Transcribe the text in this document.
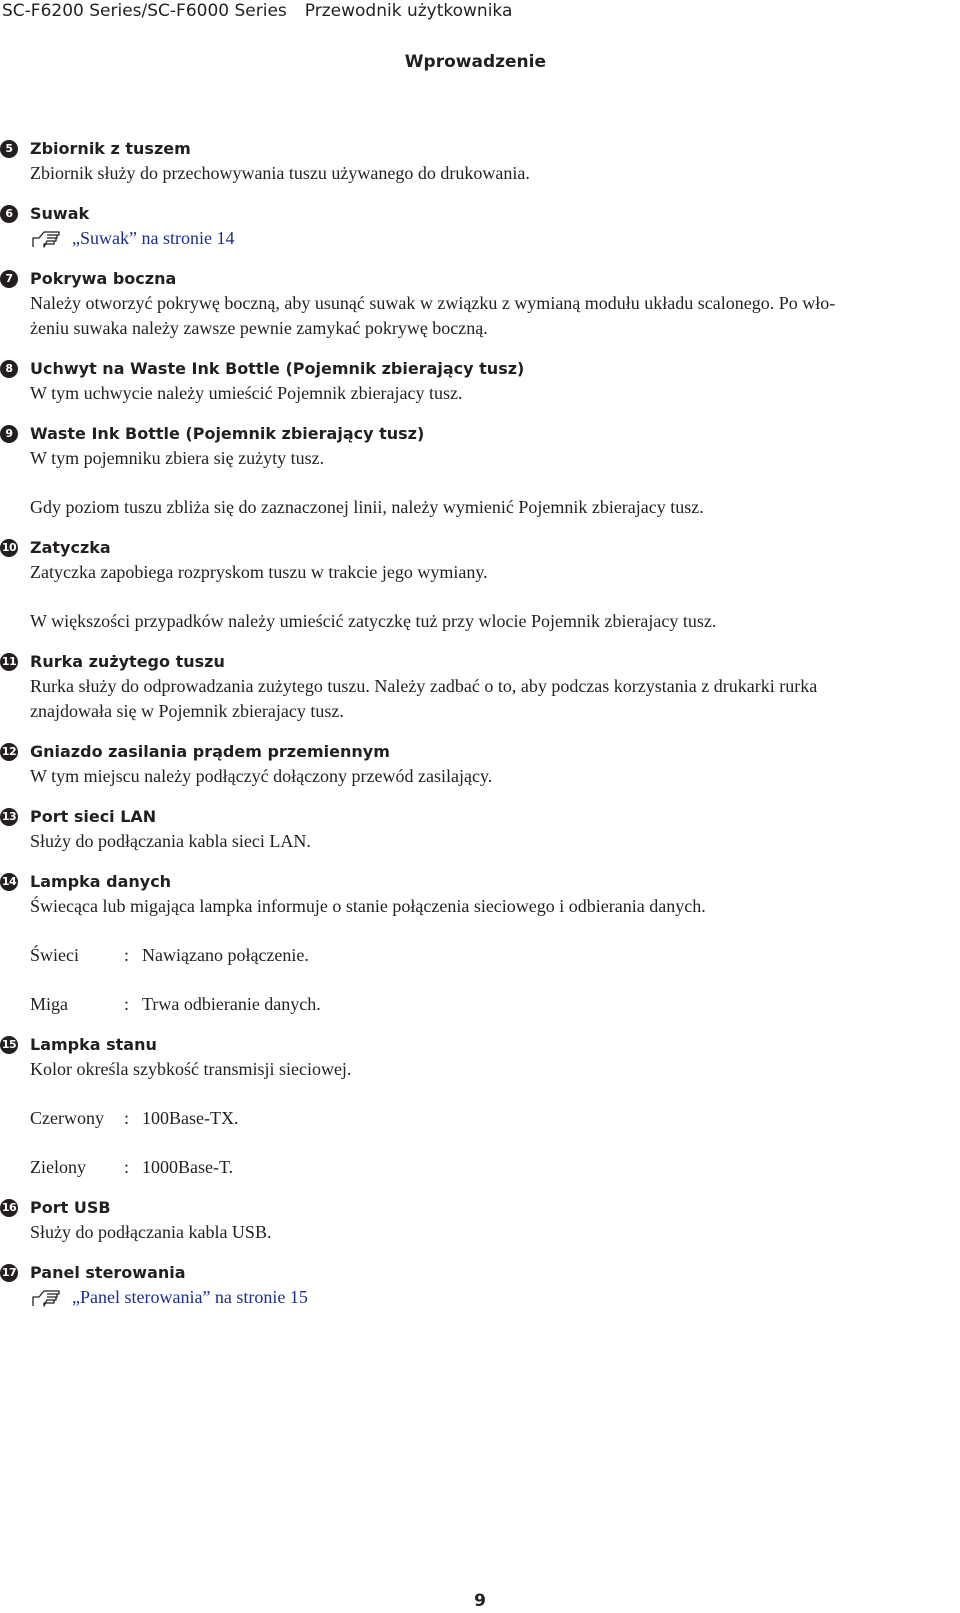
SC-F6200 Series/SC-F6000 Series Przewodnik użytkownika
Wprowadzenie
5	Zbiornik z tuszem
Zbiornik służy do przechowywania tuszu używanego do drukowania.
6	Suwak
„Suwak” na stronie 14
7	Pokrywa boczna
Należy otworzyć pokrywę boczną, aby usunąć suwak w związku z wymianą modułu układu scalonego. Po wło-
żeniu suwaka należy zawsze pewnie zamykać pokrywę boczną.
8	Uchwyt na Waste Ink Bottle (Pojemnik zbierający tusz)
W tym uchwycie należy umieścić Pojemnik zbierajacy tusz.
9	Waste Ink Bottle (Pojemnik zbierający tusz)
W tym pojemniku zbiera się zużyty tusz.
Gdy poziom tuszu zbliża się do zaznaczonej linii, należy wymienić Pojemnik zbierajacy tusz.
10 Zatyczka
Zatyczka zapobiega rozpryskom tuszu w trakcie jego wymiany.
W większości przypadków należy umieścić zatyczkę tuż przy wlocie Pojemnik zbierajacy tusz.
11 Rurka zużytego tuszu
Rurka służy do odprowadzania zużytego tuszu. Należy zadbać o to, aby podczas korzystania z drukarki rurka
znajdowała się w Pojemnik zbierajacy tusz.
12 Gniazdo zasilania prądem przemiennym
W tym miejscu należy podłączyć dołączony przewód zasilający.
13 Port sieci LAN
Służy do podłączania kabla sieci LAN.
14 Lampka danych
Świecąca lub migająca lampka informuje o stanie połączenia sieciowego i odbierania danych.
Świeci	: Nawiązano połączenie.
Miga	: Trwa odbieranie danych.
15 Lampka stanu
Kolor określa szybkość transmisji sieciowej.
Czerwony	: 100Base-TX.
Zielony	: 1000Base-T.
16 Port USB
Służy do podłączania kabla USB.
17 Panel sterowania
„Panel sterowania” na stronie 15
9
